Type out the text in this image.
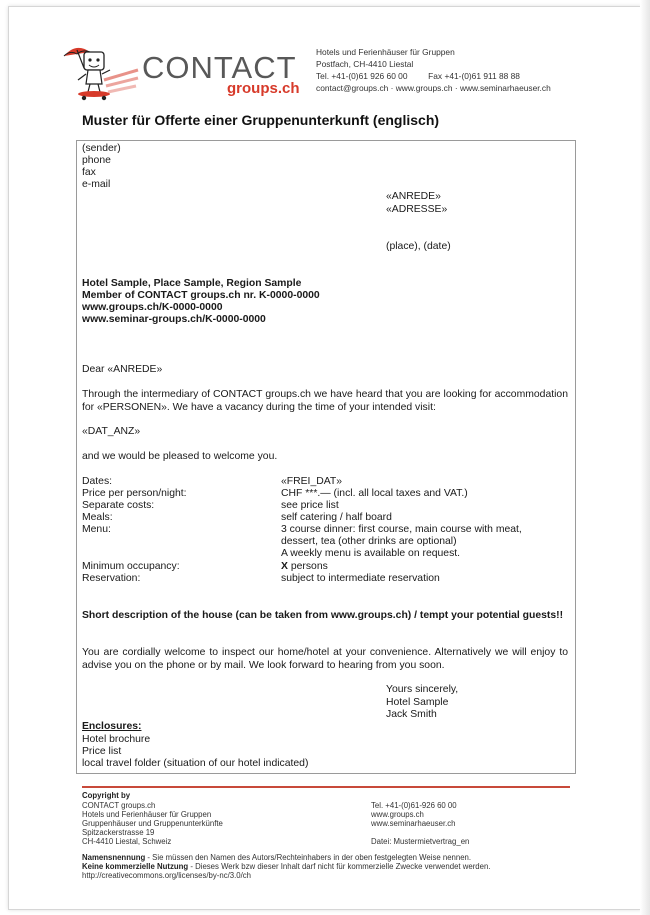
CONTACT
groups.ch
Hotels und Ferienhäuser für Gruppen
Postfach, CH-4410 Liestal
Tel. +41-(0)61 926 60 00 Fax +41-(0)61 911 88 88
contact@groups.ch · www.groups.ch · www.seminarhaeuser.ch
Muster für Offerte einer Gruppenunterkunft (englisch)
(sender)
phone
fax
e-mail
«ANREDE»
«ADRESSE»
(place), (date)
Hotel Sample, Place Sample, Region Sample
Member of CONTACT groups.ch nr. K-0000-0000
www.groups.ch/K-0000-0000
www.seminar-groups.ch/K-0000-0000
Dear «ANREDE»
Through the intermediary of CONTACT groups.ch we have heard that you are looking for accommodation for «PERSONEN». We have a vacancy during the time of your intended visit:
«DAT_ANZ»
and we would be pleased to welcome you.
Dates:	«FREI_DAT»
Price per person/night:	CHF ***.— (incl. all local taxes and VAT.)
Separate costs:	see price list
Meals:	self catering / half board
Menu:	3 course dinner: first course, main course with meat,
dessert, tea (other drinks are optional)
A weekly menu is available on request.
Minimum occupancy:	X persons
Reservation:	subject to intermediate reservation
Short description of the house (can be taken from www.groups.ch) / tempt your potential guests!!
You are cordially welcome to inspect our home/hotel at your convenience. Alternatively we will enjoy to advise you on the phone or by mail. We look forward to hearing from you soon.
Yours sincerely,
Hotel Sample
Jack Smith
Enclosures:
Hotel brochure
Price list
local travel folder (situation of our hotel indicated)
Copyright by
CONTACT groups.ch
Hotels und Ferienhäuser für Gruppen
Gruppenhäuser und Gruppenunterkünfte
Spitzackerstrasse 19
CH-4410 Liestal, Schweiz
Tel. +41-(0)61-926 60 00
www.groups.ch
www.seminarhaeuser.ch
Datei: Mustermietvertrag_en
Namensnennung - Sie müssen den Namen des Autors/Rechteinhabers in der oben festgelegten Weise nennen.
Keine kommerzielle Nutzung - Dieses Werk bzw dieser Inhalt darf nicht für kommerzielle Zwecke verwendet werden.
http://creativecommons.org/licenses/by-nc/3.0/ch
